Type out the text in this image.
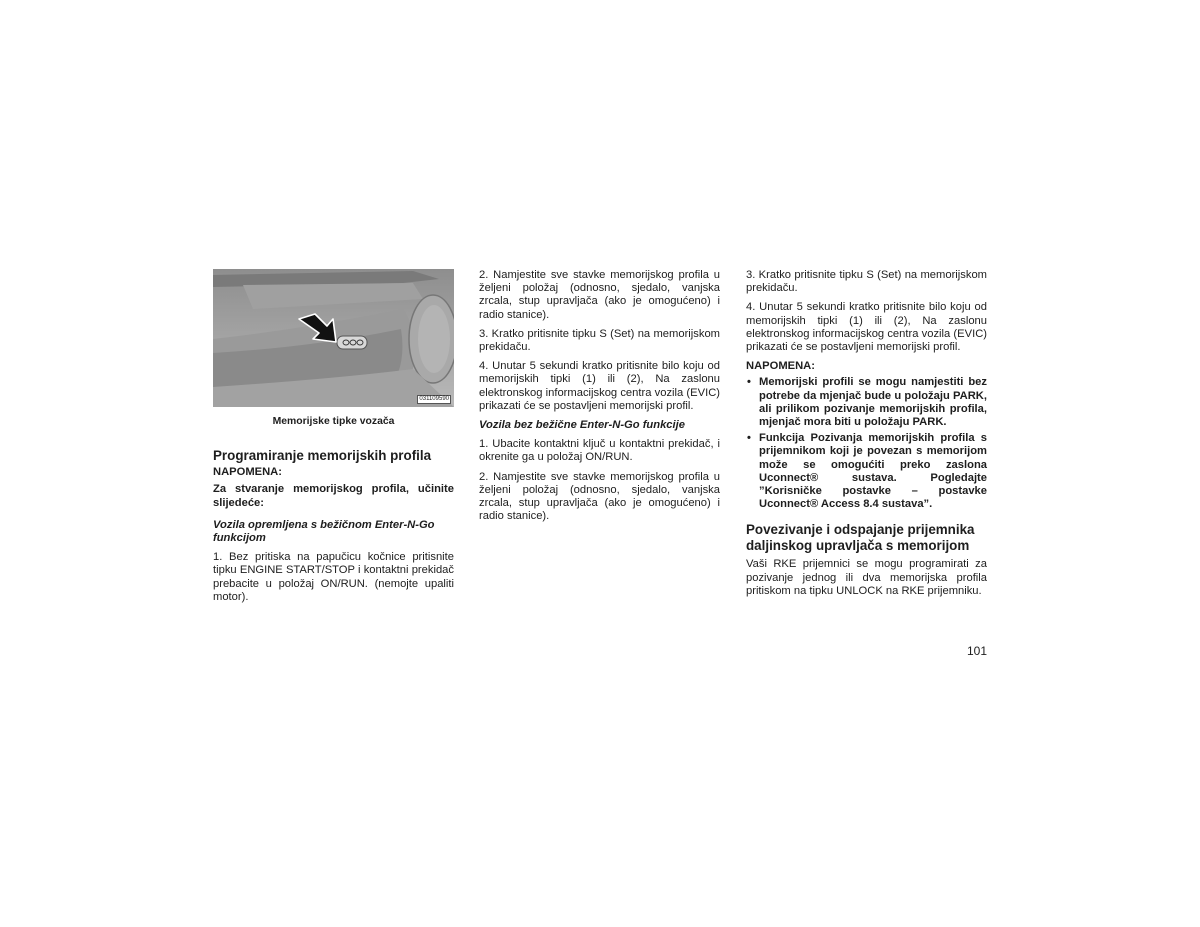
031109590

Memorijske tipke vozača

Programiranje memorijskih profila

NAPOMENA:

Za stvaranje memorijskog profila, učinite slijedeće:

Vozila opremljena s bežičnom Enter-N-Go funkcijom

1. Bez pritiska na papučicu kočnice pritisnite tipku ENGINE START/STOP i kontaktni prekidač prebacite u položaj ON/RUN. (nemojte upaliti motor).

2. Namjestite sve stavke memorijskog profila u željeni položaj (odnosno, sjedalo, vanjska zrcala, stup upravljača (ako je omogućeno) i radio stanice).

3. Kratko pritisnite tipku S (Set) na memorijskom prekidaču.

4. Unutar 5 sekundi kratko pritisnite bilo koju od memorijskih tipki (1) ili (2), Na zaslonu elektronskog informacijskog centra vozila (EVIC) prikazati će se postavljeni memorijski profil.

Vozila bez bežične Enter-N-Go funkcije

1. Ubacite kontaktni ključ u kontaktni prekidač, i okrenite ga u položaj ON/RUN.

2. Namjestite sve stavke memorijskog profila u željeni položaj (odnosno, sjedalo, vanjska zrcala, stup upravljača (ako je omogućeno) i radio stanice).

3. Kratko pritisnite tipku S (Set) na memorijskom prekidaču.

4. Unutar 5 sekundi kratko pritisnite bilo koju od memorijskih tipki (1) ili (2), Na zaslonu elektronskog informacijskog centra vozila (EVIC) prikazati će se postavljeni memorijski profil.

NAPOMENA:

• Memorijski profili se mogu namjestiti bez potrebe da mjenjač bude u položaju PARK, ali prilikom pozivanje memorijskih profila, mjenjač mora biti u položaju PARK.
• Funkcija Pozivanja memorijskih profila s prijemnikom koji je povezan s memorijom može se omogućiti preko zaslona Uconnect® sustava. Pogledajte ”Korisničke postavke – postavke Uconnect® Access 8.4 sustava”.
Povezivanje i odspajanje prijemnika daljinskog upravljača s memorijom

Vaši RKE prijemnici se mogu programirati za pozivanje jednog ili dva memorijska profila pritiskom na tipku UNLOCK na RKE prijemniku.

101
